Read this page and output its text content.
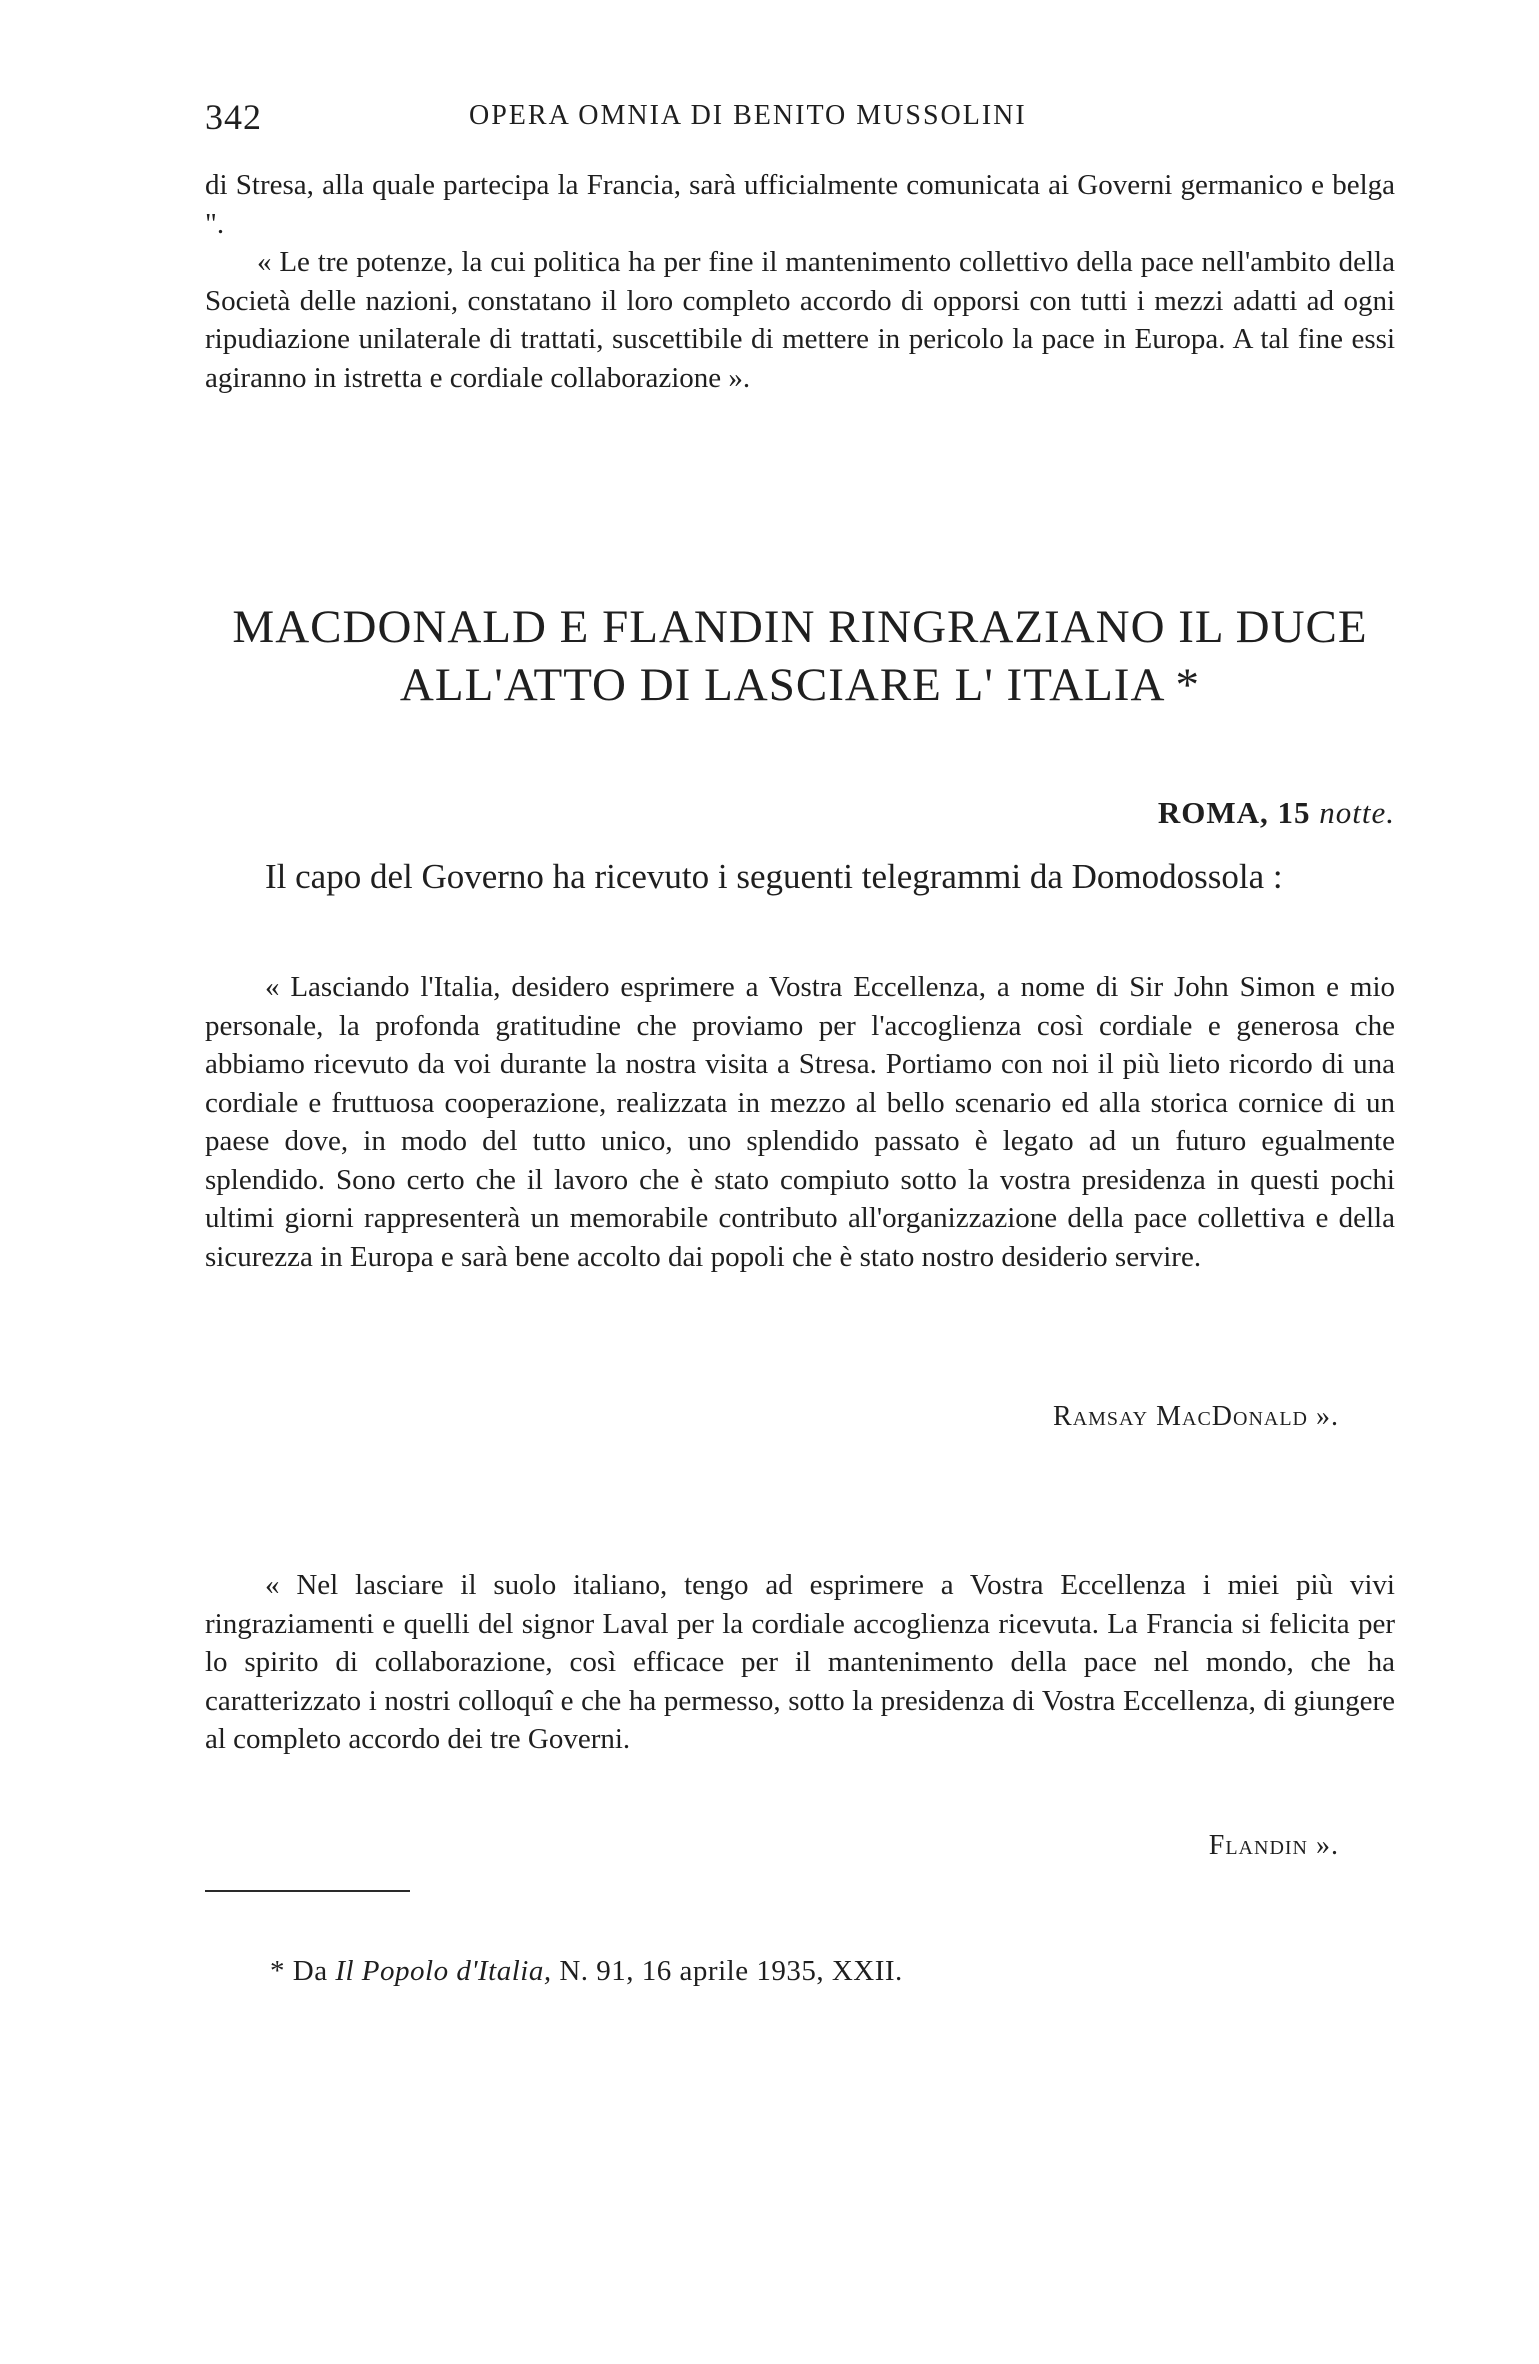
342	OPERA OMNIA DI BENITO MUSSOLINI

di Stresa, alla quale partecipa la Francia, sarà ufficialmente comunicata ai Governi germanico e belga ".

« Le tre potenze, la cui politica ha per fine il mantenimento collettivo della pace nell'ambito della Società delle nazioni, constatano il loro completo accordo di opporsi con tutti i mezzi adatti ad ogni ripudiazione unilaterale di trattati, suscettibile di mettere in pericolo la pace in Europa. A tal fine essi agiranno in istretta e cordiale collaborazione ».

MACDONALD E FLANDIN RINGRAZIANO IL DUCE
ALL'ATTO DI LASCIARE L' ITALIA *
ROMA, 15 notte.

Il capo del Governo ha ricevuto i seguenti telegrammi da Domodossola :

« Lasciando l'Italia, desidero esprimere a Vostra Eccellenza, a nome di Sir John Simon e mio personale, la profonda gratitudine che proviamo per l'accoglienza così cordiale e generosa che abbiamo ricevuto da voi durante la nostra visita a Stresa. Portiamo con noi il più lieto ricordo di una cordiale e fruttuosa cooperazione, realizzata in mezzo al bello scenario ed alla storica cornice di un paese dove, in modo del tutto unico, uno splendido passato è legato ad un futuro egualmente splendido. Sono certo che il lavoro che è stato compiuto sotto la vostra presidenza in questi pochi ultimi giorni rappresenterà un memorabile contributo all'organizzazione della pace collettiva e della sicurezza in Europa e sarà bene accolto dai popoli che è stato nostro desiderio servire.

Ramsay MacDonald ».

« Nel lasciare il suolo italiano, tengo ad esprimere a Vostra Eccellenza i miei più vivi ringraziamenti e quelli del signor Laval per la cordiale accoglienza ricevuta. La Francia si felicita per lo spirito di collaborazione, così efficace per il mantenimento della pace nel mondo, che ha caratterizzato i nostri colloquî e che ha permesso, sotto la presidenza di Vostra Eccellenza, di giungere al completo accordo dei tre Governi.

Flandin ».
* Da Il Popolo d'Italia, N. 91, 16 aprile 1935, XXII.
